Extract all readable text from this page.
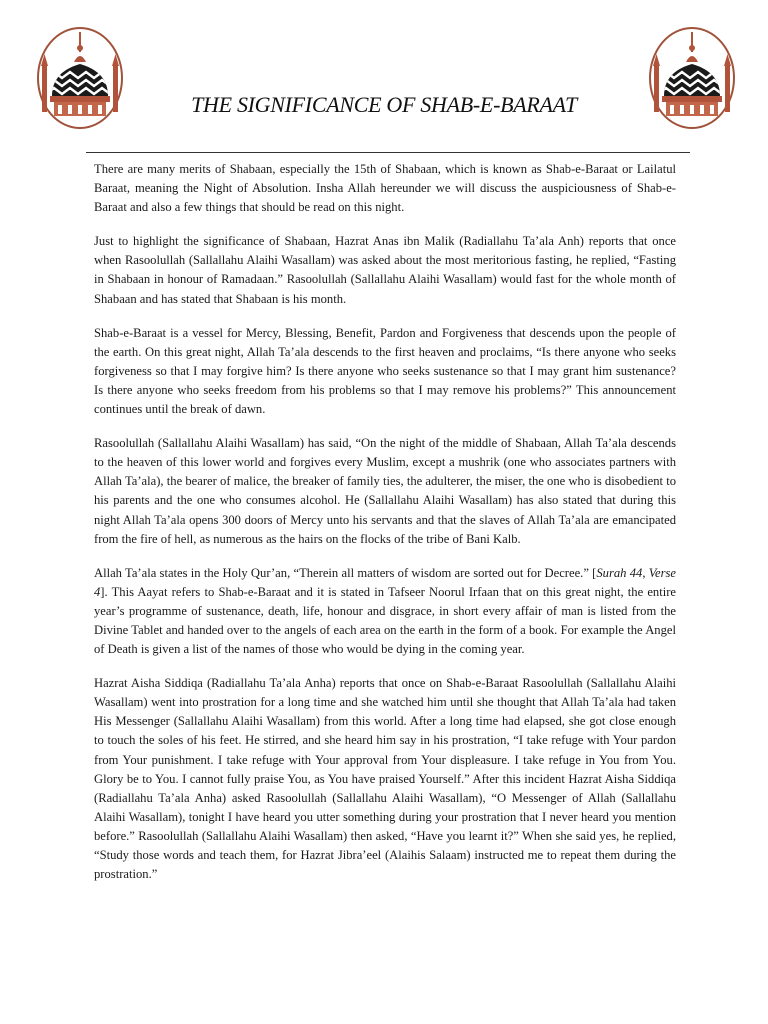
THE SIGNIFICANCE OF SHAB-E-BARAAT

There are many merits of Shabaan, especially the 15th of Shabaan, which is known as Shab-e-Baraat or Lailatul Baraat, meaning the Night of Absolution. Insha Allah hereunder we will discuss the auspiciousness of Shab-e-Baraat and also a few things that should be read on this night.

Just to highlight the significance of Shabaan, Hazrat Anas ibn Malik (Radiallahu Ta’ala Anh) reports that once when Rasoolullah (Sallallahu Alaihi Wasallam) was asked about the most meritorious fasting, he replied, “Fasting in Shabaan in honour of Ramadaan.” Rasoolullah (Sallallahu Alaihi Wasallam) would fast for the whole month of Shabaan and has stated that Shabaan is his month.

Shab-e-Baraat is a vessel for Mercy, Blessing, Benefit, Pardon and Forgiveness that descends upon the people of the earth. On this great night, Allah Ta’ala descends to the first heaven and proclaims, “Is there anyone who seeks forgiveness so that I may forgive him? Is there anyone who seeks sustenance so that I may grant him sustenance? Is there anyone who seeks freedom from his problems so that I may remove his problems?” This announcement continues until the break of dawn.

Rasoolullah (Sallallahu Alaihi Wasallam) has said, “On the night of the middle of Shabaan, Allah Ta’ala descends to the heaven of this lower world and forgives every Muslim, except a mushrik (one who associates partners with Allah Ta’ala), the bearer of malice, the breaker of family ties, the adulterer, the miser, the one who is disobedient to his parents and the one who consumes alcohol. He (Sallallahu Alaihi Wasallam) has also stated that during this night Allah Ta’ala opens 300 doors of Mercy unto his servants and that the slaves of Allah Ta’ala are emancipated from the fire of hell, as numerous as the hairs on the flocks of the tribe of Bani Kalb.

Allah Ta’ala states in the Holy Qur’an, “Therein all matters of wisdom are sorted out for Decree.” [Surah 44, Verse 4]. This Aayat refers to Shab-e-Baraat and it is stated in Tafseer Noorul Irfaan that on this great night, the entire year’s programme of sustenance, death, life, honour and disgrace, in short every affair of man is listed from the Divine Tablet and handed over to the angels of each area on the earth in the form of a book. For example the Angel of Death is given a list of the names of those who would be dying in the coming year.

Hazrat Aisha Siddiqa (Radiallahu Ta’ala Anha) reports that once on Shab-e-Baraat Rasoolullah (Sallallahu Alaihi Wasallam) went into prostration for a long time and she watched him until she thought that Allah Ta’ala had taken His Messenger (Sallallahu Alaihi Wasallam) from this world. After a long time had elapsed, she got close enough to touch the soles of his feet. He stirred, and she heard him say in his prostration, “I take refuge with Your pardon from Your punishment. I take refuge with Your approval from Your displeasure. I take refuge in You from You. Glory be to You. I cannot fully praise You, as You have praised Yourself.” After this incident Hazrat Aisha Siddiqa (Radiallahu Ta’ala Anha) asked Rasoolullah (Sallallahu Alaihi Wasallam), “O Messenger of Allah (Sallallahu Alaihi Wasallam), tonight I have heard you utter something during your prostration that I never heard you mention before.” Rasoolullah (Sallallahu Alaihi Wasallam) then asked, “Have you learnt it?” When she said yes, he replied, “Study those words and teach them, for Hazrat Jibra’eel (Alaihis Salaam) instructed me to repeat them during the prostration.”
